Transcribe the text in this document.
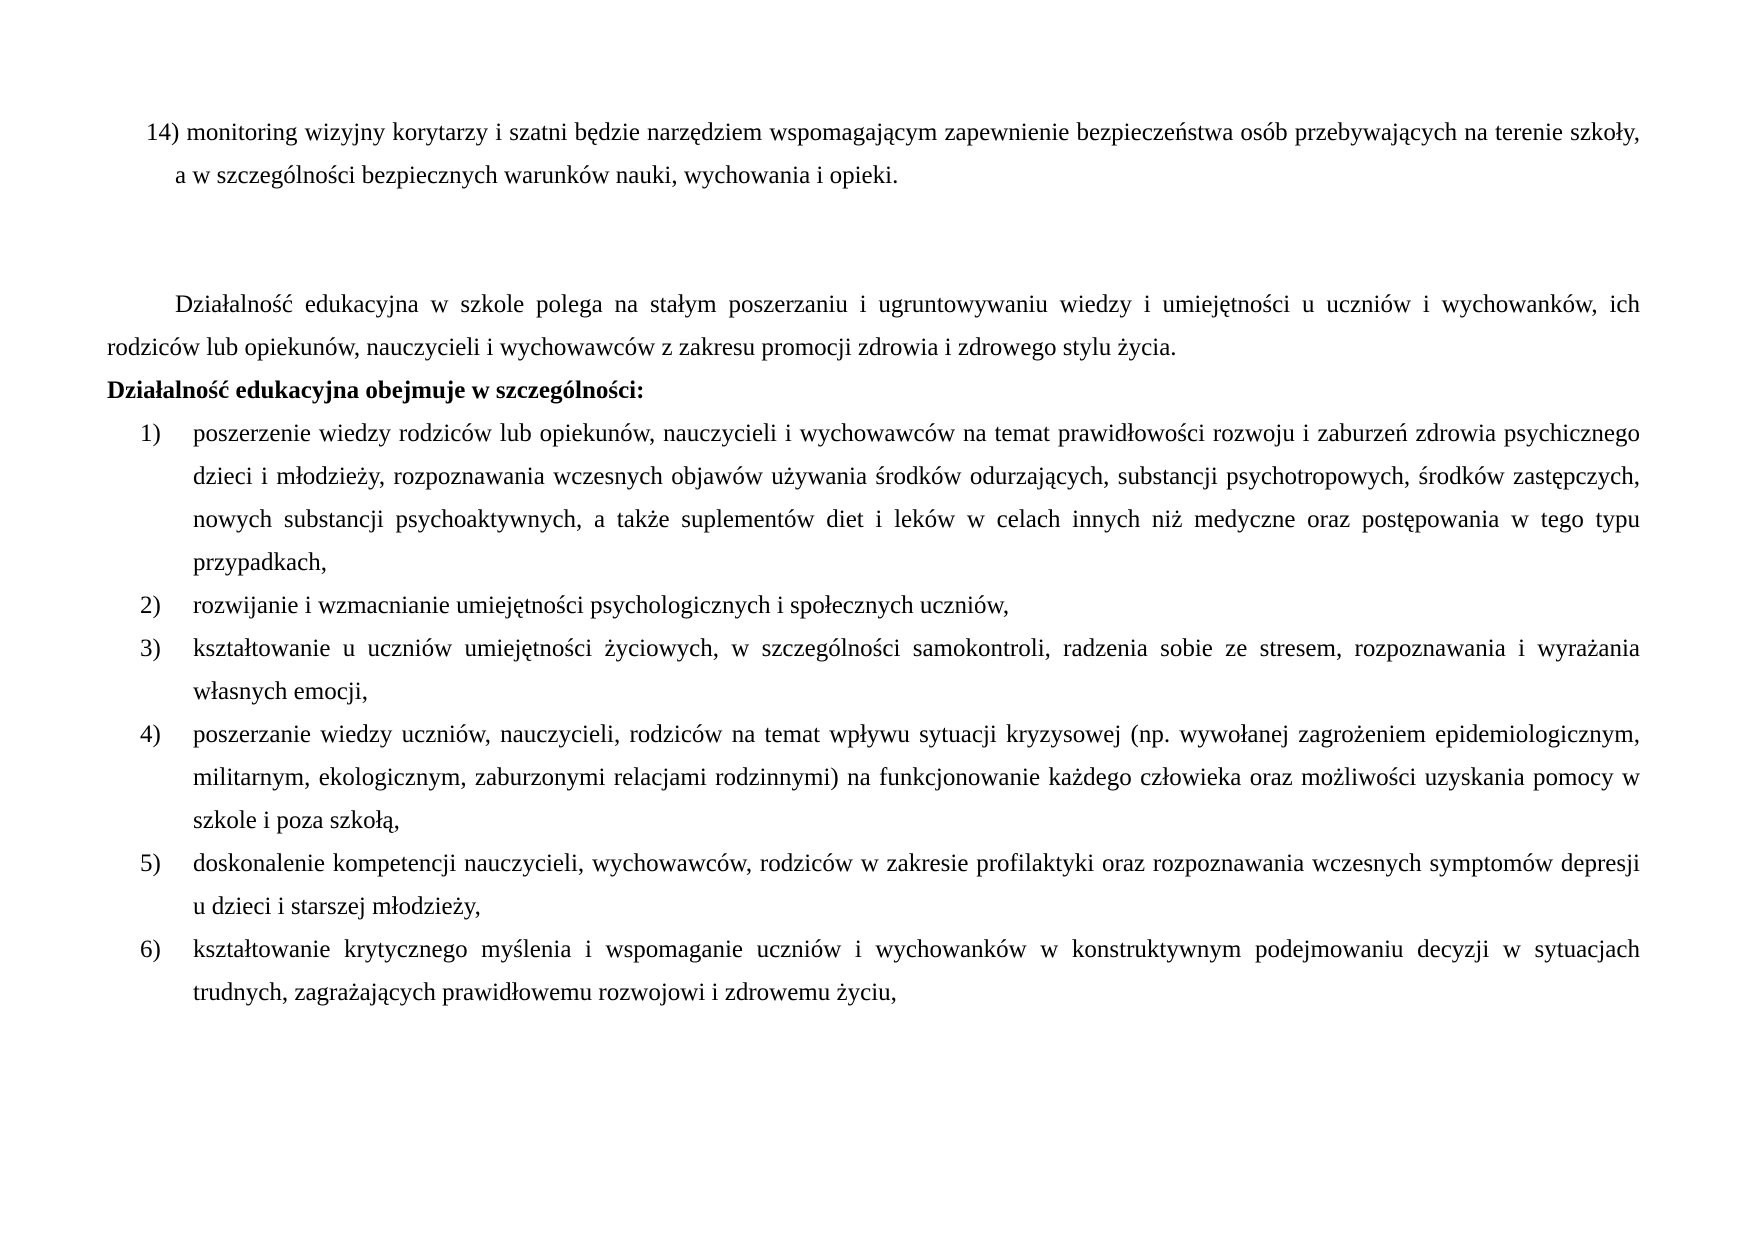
14) monitoring wizyjny korytarzy i szatni będzie narzędziem wspomagającym zapewnienie bezpieczeństwa osób przebywających na terenie szkoły, a w szczególności bezpiecznych warunków nauki, wychowania i opieki.

Działalność edukacyjna w szkole polega na stałym poszerzaniu i ugruntowywaniu wiedzy i umiejętności u uczniów i wychowanków, ich rodziców lub opiekunów, nauczycieli i wychowawców z zakresu promocji zdrowia i zdrowego stylu życia.

Działalność edukacyjna obejmuje w szczególności:

1) poszerzenie wiedzy rodziców lub opiekunów, nauczycieli i wychowawców na temat prawidłowości rozwoju i zaburzeń zdrowia psychicznego dzieci i młodzieży, rozpoznawania wczesnych objawów używania środków odurzających, substancji psychotropowych, środków zastępczych, nowych substancji psychoaktywnych, a także suplementów diet i leków w celach innych niż medyczne oraz postępowania w tego typu przypadkach,
2) rozwijanie i wzmacnianie umiejętności psychologicznych i społecznych uczniów,
3) kształtowanie u uczniów umiejętności życiowych, w szczególności samokontroli, radzenia sobie ze stresem, rozpoznawania i wyrażania własnych emocji,
4) poszerzanie wiedzy uczniów, nauczycieli, rodziców na temat wpływu sytuacji kryzysowej (np. wywołanej zagrożeniem epidemiologicznym, militarnym, ekologicznym, zaburzonymi relacjami rodzinnymi) na funkcjonowanie każdego człowieka oraz możliwości uzyskania pomocy w szkole i poza szkołą,
5) doskonalenie kompetencji nauczycieli, wychowawców, rodziców w zakresie profilaktyki oraz rozpoznawania wczesnych symptomów depresji u dzieci i starszej młodzieży,
6) kształtowanie krytycznego myślenia i wspomaganie uczniów i wychowanków w konstruktywnym podejmowaniu decyzji w sytuacjach trudnych, zagrażających prawidłowemu rozwojowi i zdrowemu życiu,
